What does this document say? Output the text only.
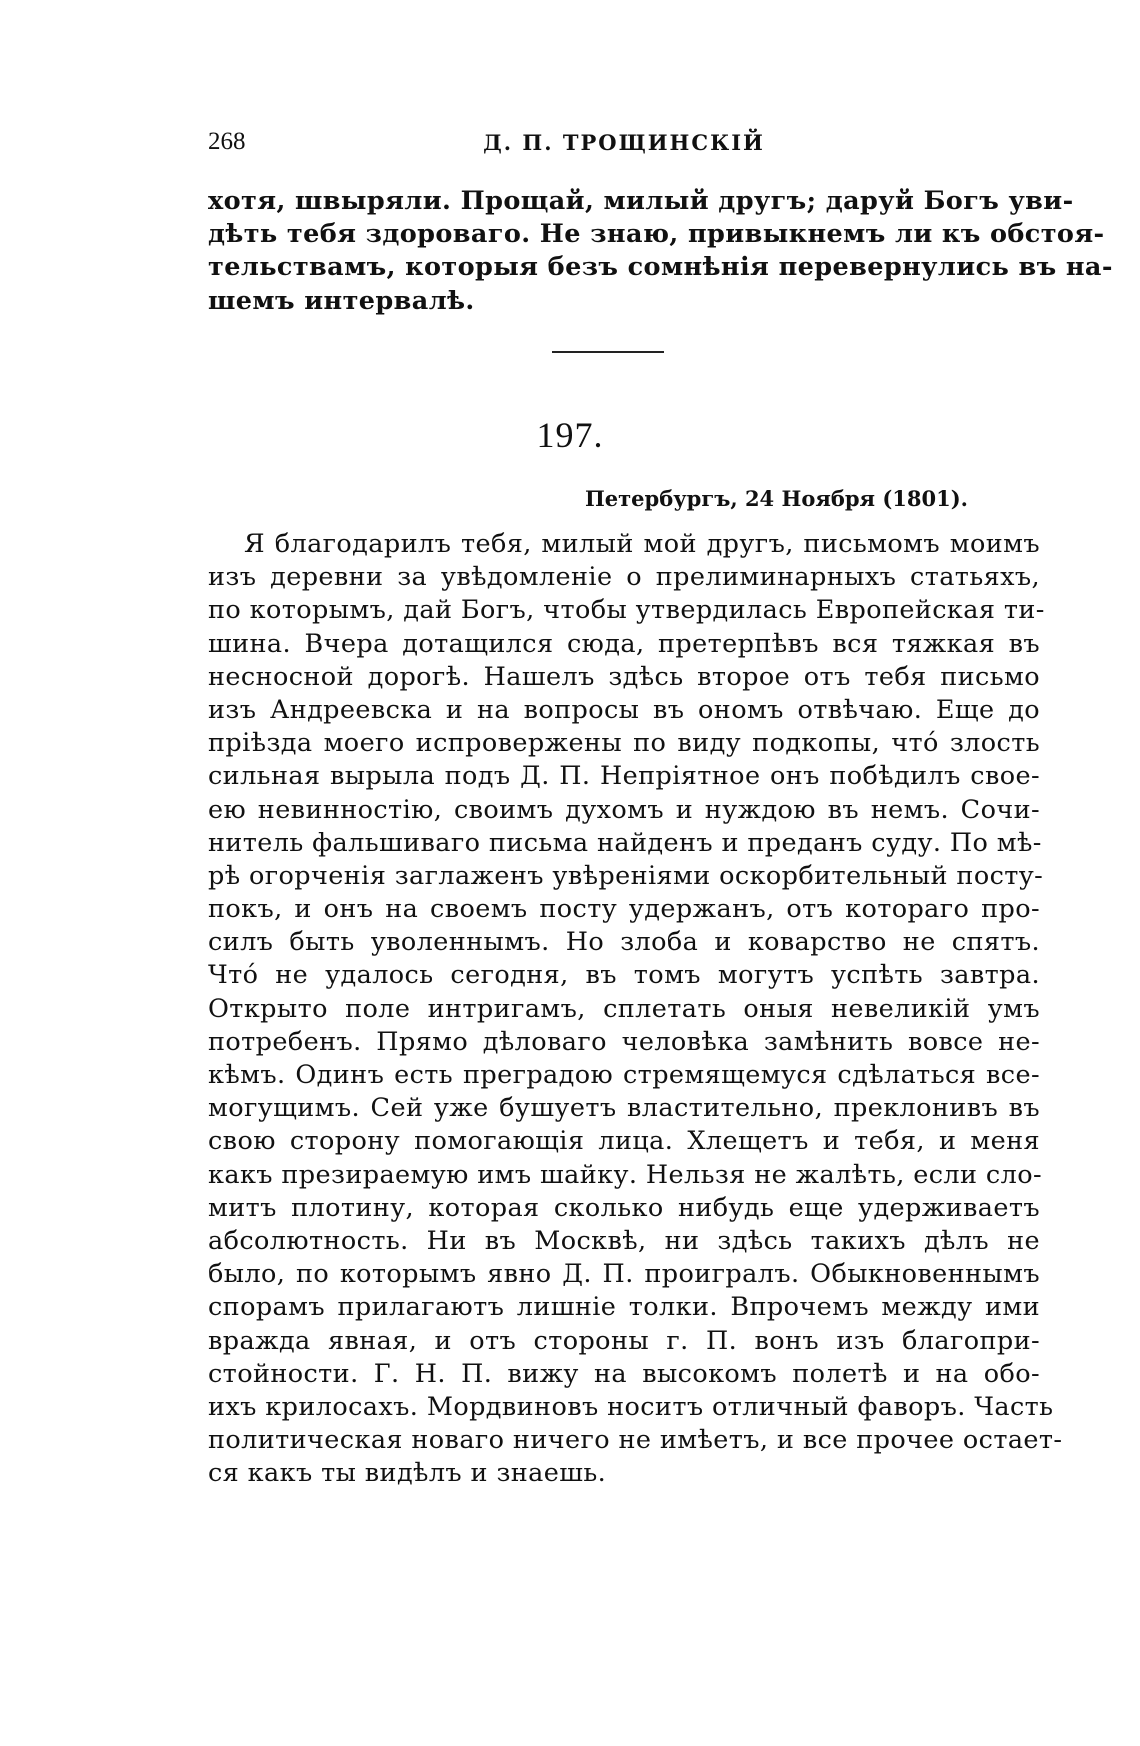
268	Д. П. ТРОЩИНСКІЙ
хотя, швыряли. Прощай, милый другъ; даруй Богъ уви-
дѣть тебя здороваго. Не знаю, привыкнемъ ли къ обстоя-
тельствамъ, которыя безъ сомнѣнія перевернулись въ на-
шемъ интервалѣ.
197.
Петербургъ, 24 Ноября (1801).
Я благодарилъ тебя, милый мой другъ, письмомъ моимъ
изъ деревни за увѣдомленіе о прелиминарныхъ статьяхъ,
по которымъ, дай Богъ, чтобы утвердилась Европейская ти-
шина. Вчера дотащился сюда, претерпѣвъ вся тяжкая въ
несносной дорогѣ. Нашелъ здѣсь второе отъ тебя письмо
изъ Андреевска и на вопросы въ ономъ отвѣчаю. Еще до
пріѣзда моего испровержены по виду подкопы, чтó злость
сильная вырыла подъ Д. П. Непріятное онъ побѣдилъ свое-
ею невинностію, своимъ духомъ и нуждою въ немъ. Сочи-
нитель фальшиваго письма найденъ и преданъ суду. По мѣ-
рѣ огорченія заглаженъ увѣреніями оскорбительный посту-
покъ, и онъ на своемъ посту удержанъ, отъ котораго про-
силъ быть уволеннымъ. Но злоба и коварство не спятъ.
Чтó не удалось сегодня, въ томъ могутъ успѣть завтра.
Открыто поле интригамъ, сплетать оныя невеликій умъ
потребенъ. Прямо дѣловаго человѣка замѣнить вовсе не-
кѣмъ. Одинъ есть преградою стремящемуся сдѣлаться все-
могущимъ. Сей уже бушуетъ властительно, преклонивъ въ
свою сторону помогающія лица. Хлещетъ и тебя, и меня
какъ презираемую имъ шайку. Нельзя не жалѣть, если сло-
митъ плотину, которая сколько нибудь еще удерживаетъ
абсолютность. Ни въ Москвѣ, ни здѣсь такихъ дѣлъ не
было, по которымъ явно Д. П. проигралъ. Обыкновеннымъ
спорамъ прилагаютъ лишніе толки. Впрочемъ между ими
вражда явная, и отъ стороны г. П. вонъ изъ благопри-
стойности. Г. Н. П. вижу на высокомъ полетѣ и на обо-
ихъ крилосахъ. Мордвиновъ носитъ отличный фаворъ. Часть
политическая новаго ничего не имѣетъ, и все прочее остает-
ся какъ ты видѣлъ и знаешь.
